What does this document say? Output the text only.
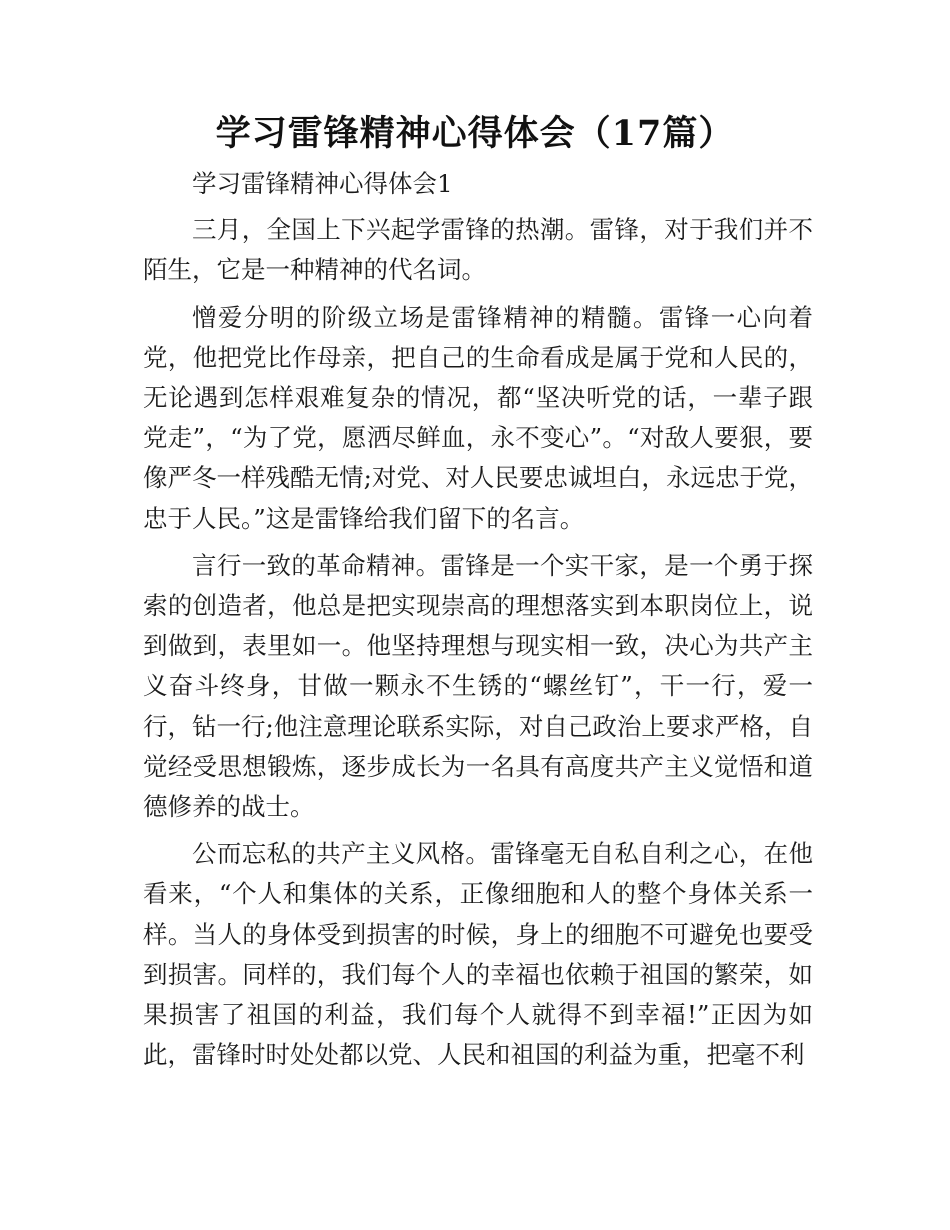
学习雷锋精神心得体会（17篇）

学习雷锋精神心得体会1

三月，全国上下兴起学雷锋的热潮。雷锋，对于我们并不陌生，它是一种精神的代名词。

憎爱分明的阶级立场是雷锋精神的精髓。雷锋一心向着党，他把党比作母亲，把自己的生命看成是属于党和人民的，无论遇到怎样艰难复杂的情况，都“坚决听党的话，一辈子跟党走”，“为了党，愿洒尽鲜血，永不变心”。“对敌人要狠，要像严冬一样残酷无情;对党、对人民要忠诚坦白，永远忠于党，忠于人民。”这是雷锋给我们留下的名言。

言行一致的革命精神。雷锋是一个实干家，是一个勇于探索的创造者，他总是把实现崇高的理想落实到本职岗位上，说到做到，表里如一。他坚持理想与现实相一致，决心为共产主义奋斗终身，甘做一颗永不生锈的“螺丝钉”，干一行，爱一行，钻一行;他注意理论联系实际，对自己政治上要求严格，自觉经受思想锻炼，逐步成长为一名具有高度共产主义觉悟和道德修养的战士。

公而忘私的共产主义风格。雷锋毫无自私自利之心，在他看来，“个人和集体的关系，正像细胞和人的整个身体关系一样。当人的身体受到损害的时候，身上的细胞不可避免也要受到损害。同样的，我们每个人的幸福也依赖于祖国的繁荣，如果损害了祖国的利益，我们每个人就得不到幸福!”正因为如此，雷锋时时处处都以党、人民和祖国的利益为重，把毫不利
